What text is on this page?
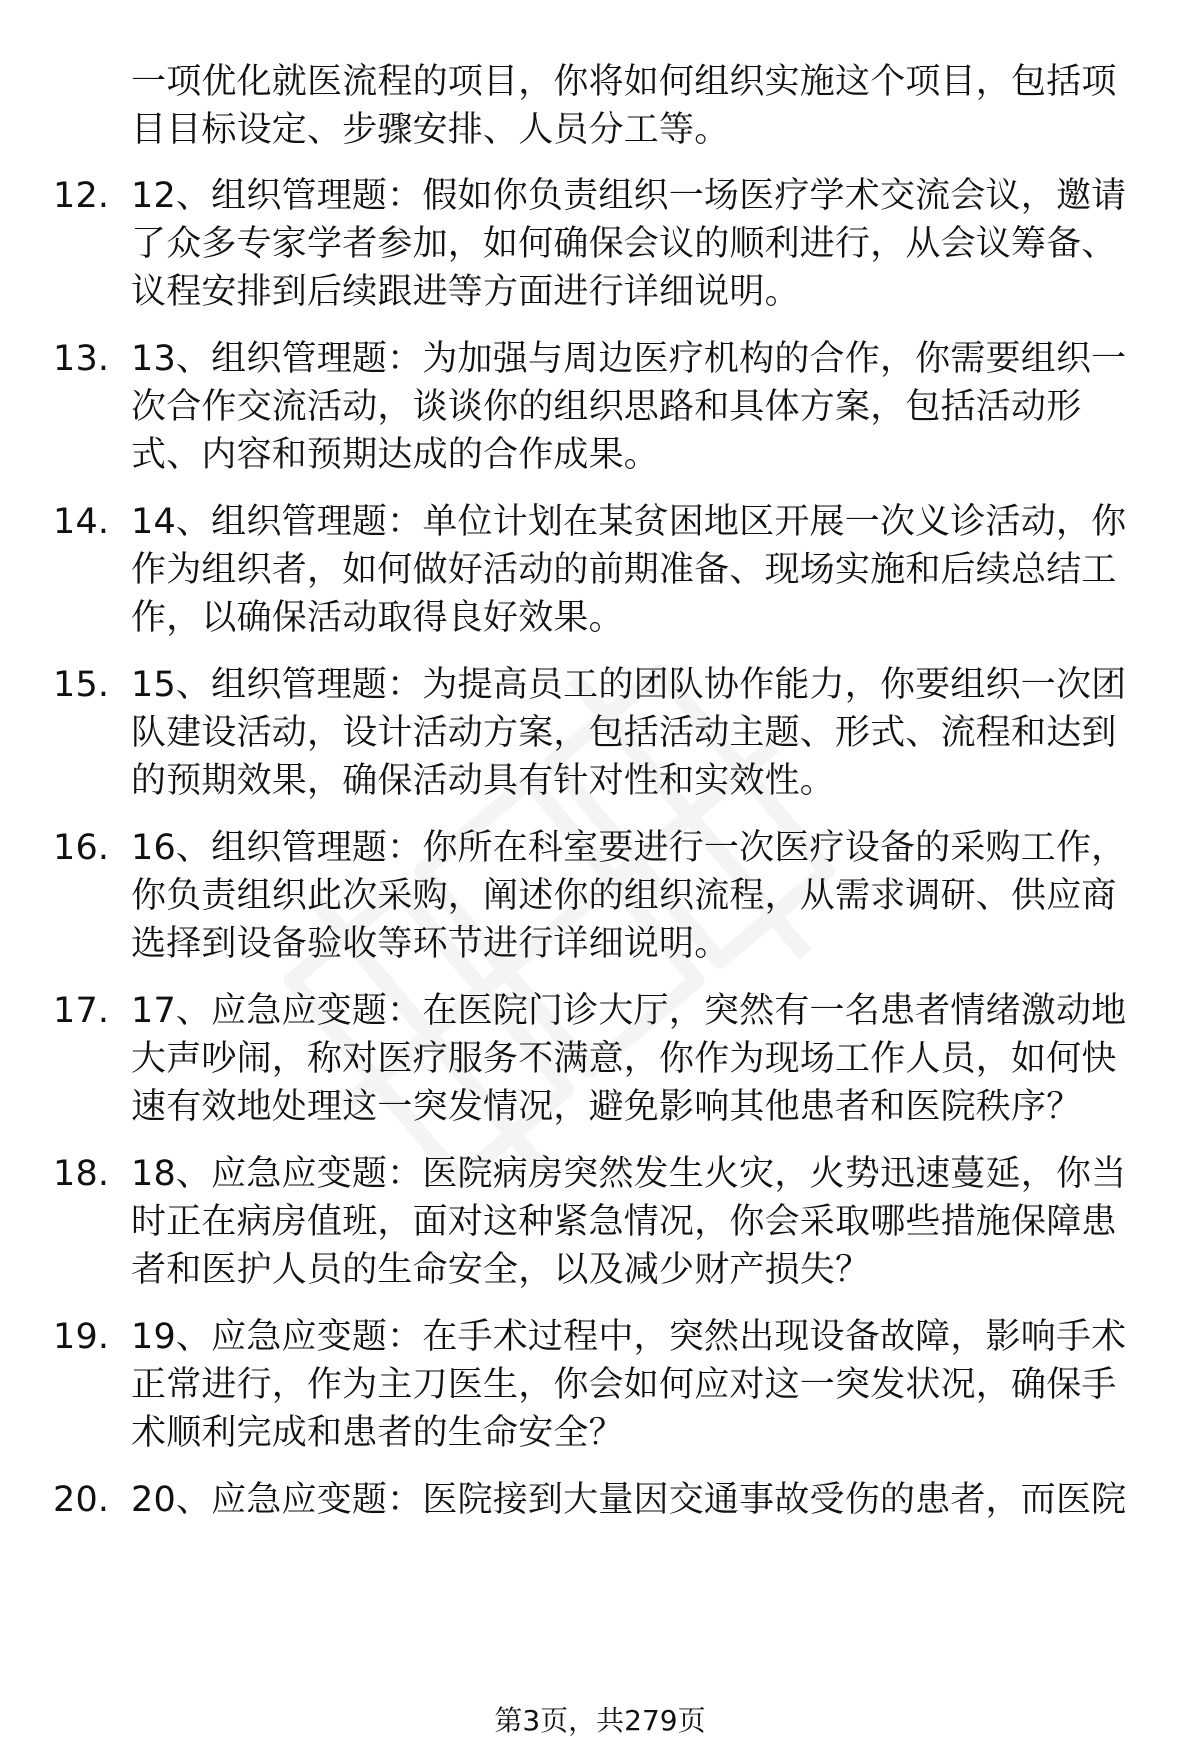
一项优化就医流程的项目，你将如何组织实施这个项目，包括项
目目标设定、步骤安排、人员分工等。
12. 12、组织管理题：假如你负责组织一场医疗学术交流会议，邀请
了众多专家学者参加，如何确保会议的顺利进行，从会议筹备、
议程安排到后续跟进等方面进行详细说明。
13. 13、组织管理题：为加强与周边医疗机构的合作，你需要组织一
次合作交流活动，谈谈你的组织思路和具体方案，包括活动形
式、内容和预期达成的合作成果。
14. 14、组织管理题：单位计划在某贫困地区开展一次义诊活动，你
作为组织者，如何做好活动的前期准备、现场实施和后续总结工
作，以确保活动取得良好效果。
15. 15、组织管理题：为提高员工的团队协作能力，你要组织一次团
队建设活动，设计活动方案，包括活动主题、形式、流程和达到
的预期效果，确保活动具有针对性和实效性。
16. 16、组织管理题：你所在科室要进行一次医疗设备的采购工作，
你负责组织此次采购，阐述你的组织流程，从需求调研、供应商
选择到设备验收等环节进行详细说明。
17. 17、应急应变题：在医院门诊大厅，突然有一名患者情绪激动地
大声吵闹，称对医疗服务不满意，你作为现场工作人员，如何快
速有效地处理这一突发情况，避免影响其他患者和医院秩序？
18. 18、应急应变题：医院病房突然发生火灾，火势迅速蔓延，你当
时正在病房值班，面对这种紧急情况，你会采取哪些措施保障患
者和医护人员的生命安全，以及减少财产损失？
19. 19、应急应变题：在手术过程中，突然出现设备故障，影响手术
正常进行，作为主刀医生，你会如何应对这一突发状况，确保手
术顺利完成和患者的生命安全？
20. 20、应急应变题：医院接到大量因交通事故受伤的患者，而医院
第3页，共279页
